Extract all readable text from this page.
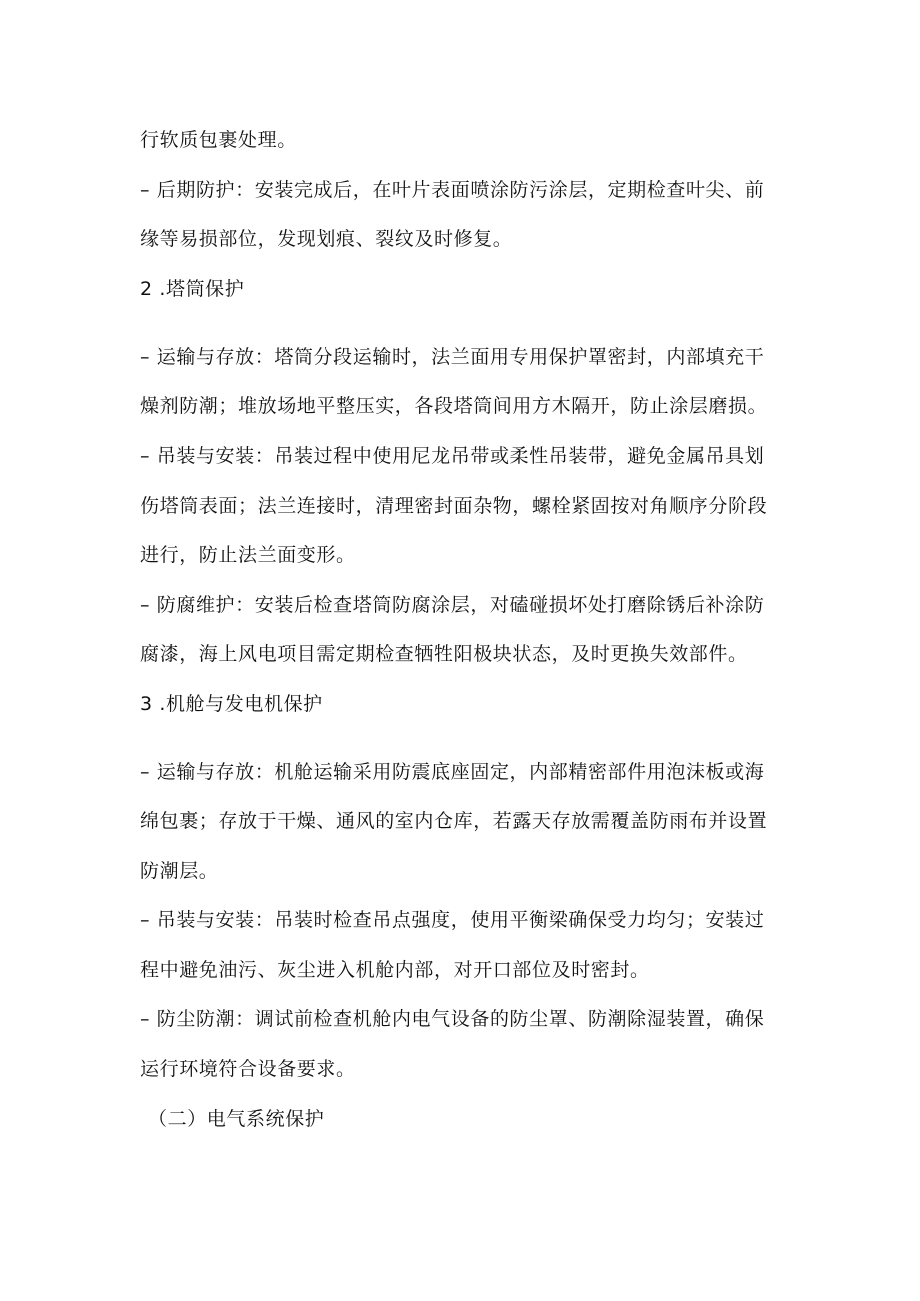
行软质包裹处理。

– 后期防护：安装完成后，在叶片表面喷涂防污涂层，定期检查叶尖、前

缘等易损部位，发现划痕、裂纹及时修复。

2 .塔筒保护

– 运输与存放：塔筒分段运输时，法兰面用专用保护罩密封，内部填充干

燥剂防潮；堆放场地平整压实，各段塔筒间用方木隔开，防止涂层磨损。

– 吊装与安装：吊装过程中使用尼龙吊带或柔性吊装带，避免金属吊具划

伤塔筒表面；法兰连接时，清理密封面杂物，螺栓紧固按对角顺序分阶段

进行，防止法兰面变形。

– 防腐维护：安装后检查塔筒防腐涂层，对磕碰损坏处打磨除锈后补涂防

腐漆，海上风电项目需定期检查牺牲阳极块状态，及时更换失效部件。

3 .机舱与发电机保护

– 运输与存放：机舱运输采用防震底座固定，内部精密部件用泡沫板或海

绵包裹；存放于干燥、通风的室内仓库，若露天存放需覆盖防雨布并设置

防潮层。

– 吊装与安装：吊装时检查吊点强度，使用平衡梁确保受力均匀；安装过

程中避免油污、灰尘进入机舱内部，对开口部位及时密封。

– 防尘防潮：调试前检查机舱内电气设备的防尘罩、防潮除湿装置，确保

运行环境符合设备要求。

（二）电气系统保护
